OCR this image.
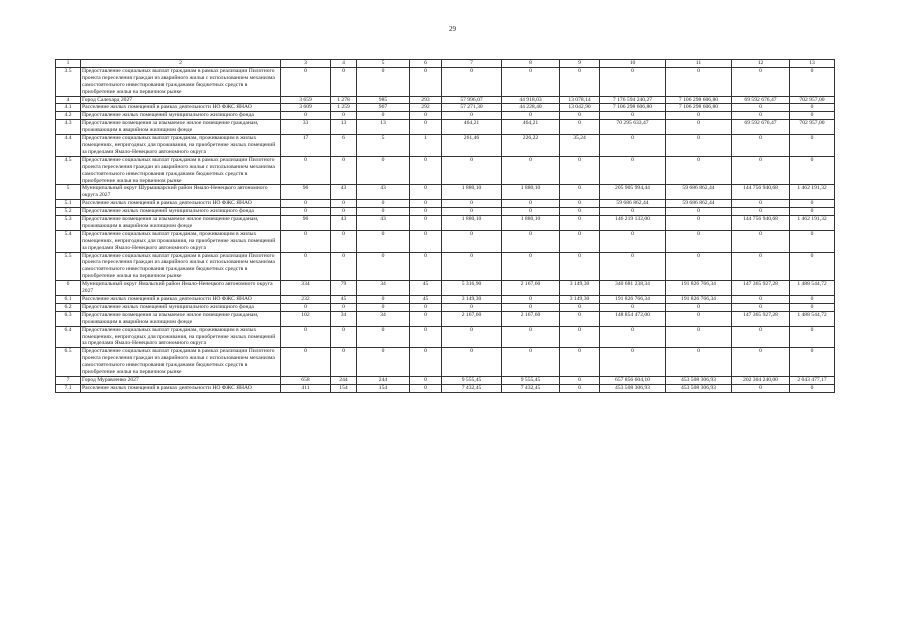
29
1	2	3	4	5	6	7	8	9	10	11	12	13
3.5	Предоставление социальных выплат гражданам в рамках реализации Пилотного проекта переселения граждан из аварийного жилья с использованием механизма самостоятельного инвестирования гражданами бюджетных средств в приобретение жилья на первичном рынке	0	0	0	0	0	0	0	0	0	0	0
4	Город Салехард 2027	3 659	1 278	985	293	57 996,07	44 918,03	13 078,14	7 176 594 240,27	7 106 298 606,80	69 592 676,47	702 957,00
4.1	Расселение жилых помещений в рамках деятельности НО ФЖС ЯНАО	3 609	1 259	967	292	57 271,30	44 228,40	13 042,90	7 106 298 606,80	7 106 298 606,80	0	0
4.2	Предоставление жилых помещений муниципального жилищного фонда	0	0	0	0	0	0	0	0	0	0	0
4.3	Предоставление возмещения за изымаемое жилое помещение гражданам, проживающим в аварийном жилищном фонде	33	13	13	0	464,21	464,21	0	70 295 633,47	0	69 592 676,47	702 957,00
4.4	Предоставление социальных выплат гражданам, проживающим в жилых помещениях, непригодных для проживания, на приобретение жилых помещений за пределами Ямало-Ненецкого автономного округа	17	6	5	1	261,46	226,22	35,24	0	0	0	0
4.5	Предоставление социальных выплат гражданам в рамках реализации Пилотного проекта переселения граждан из аварийного жилья с использованием механизма самостоятельного инвестирования гражданами бюджетных средств в приобретение жилья на первичном рынке	0	0	0	0	0	0	0	0	0	0	0
5	Муниципальный округ Шурышкарский район Ямало-Ненецкого автономного округа 2027	96	43	43	0	1 880,10	1 880,10	0	205 905 994,44	59 686 862,44	144 756 940,68	1 462 191,32
5.1	Расселение жилых помещений в рамках деятельности НО ФЖС ЯНАО	0	0	0	0	0	0	0	59 686 862,44	59 686 862,44	0	0
5.2	Предоставление жилых помещений муниципального жилищного фонда	0	0	0	0	0	0	0	0	0	0	0
5.3	Предоставление возмещения за изымаемое жилое помещение гражданам, проживающим в аварийном жилищном фонде	96	43	43	0	1 880,10	1 880,10	0	146 219 132,00	0	144 756 940,68	1 462 191,32
5.4	Предоставление социальных выплат гражданам, проживающим в жилых помещениях, непригодных для проживания, на приобретение жилых помещений за пределами Ямало-Ненецкого автономного округа	0	0	0	0	0	0	0	0	0	0	0
5.5	Предоставление социальных выплат гражданам в рамках реализации Пилотного проекта переселения граждан из аварийного жилья с использованием механизма самостоятельного инвестирования гражданами бюджетных средств в приобретение жилья на первичном рынке	0	0	0	0	0	0	0	0	0	0	0
6	Муниципальный округ Ямальский район Ямало-Ненецкого автономного округа 2027	334	79	34	45	5 316,90	2 167,60	3 149,30	340 681 238,34	191 826 766,34	147 365 927,28	1 488 544,72
6.1	Расселение жилых помещений в рамках деятельности НО ФЖС ЯНАО	232	45	0	45	3 149,30	0	3 149,30	191 826 766,34	191 826 766,34	0	0
6.2	Предоставление жилых помещений муниципального жилищного фонда	0	0	0	0	0	0	0	0	0	0	0
6.3	Предоставление возмещения за изымаемое жилое помещение гражданам, проживающим в аварийном жилищном фонде	102	34	34	0	2 167,60	2 167,60	0	148 854 472,00	0	147 365 927,28	1 488 544,72
6.4	Предоставление социальных выплат гражданам, проживающим в жилых помещениях, непригодных для проживания, на приобретение жилых помещений за пределами Ямало-Ненецкого автономного округа	0	0	0	0	0	0	0	0	0	0	0
6.5	Предоставление социальных выплат гражданам в рамках реализации Пилотного проекта переселения граждан из аварийного жилья с использованием механизма самостоятельного инвестирования гражданами бюджетных средств в приобретение жилья на первичном рынке	0	0	0	0	0	0	0	0	0	0	0
7	Город Муравленко 2027	658	244	244	0	9 555,45	9 555,45	0	657 856 604,10	453 508 306,93	202 304 240,00	2 043 477,17
7.1	Расселение жилых помещений в рамках деятельности НО ФЖС ЯНАО	411	154	154	0	7 432,45	7 432,45	0	453 508 306,93	453 508 306,93	0	0
